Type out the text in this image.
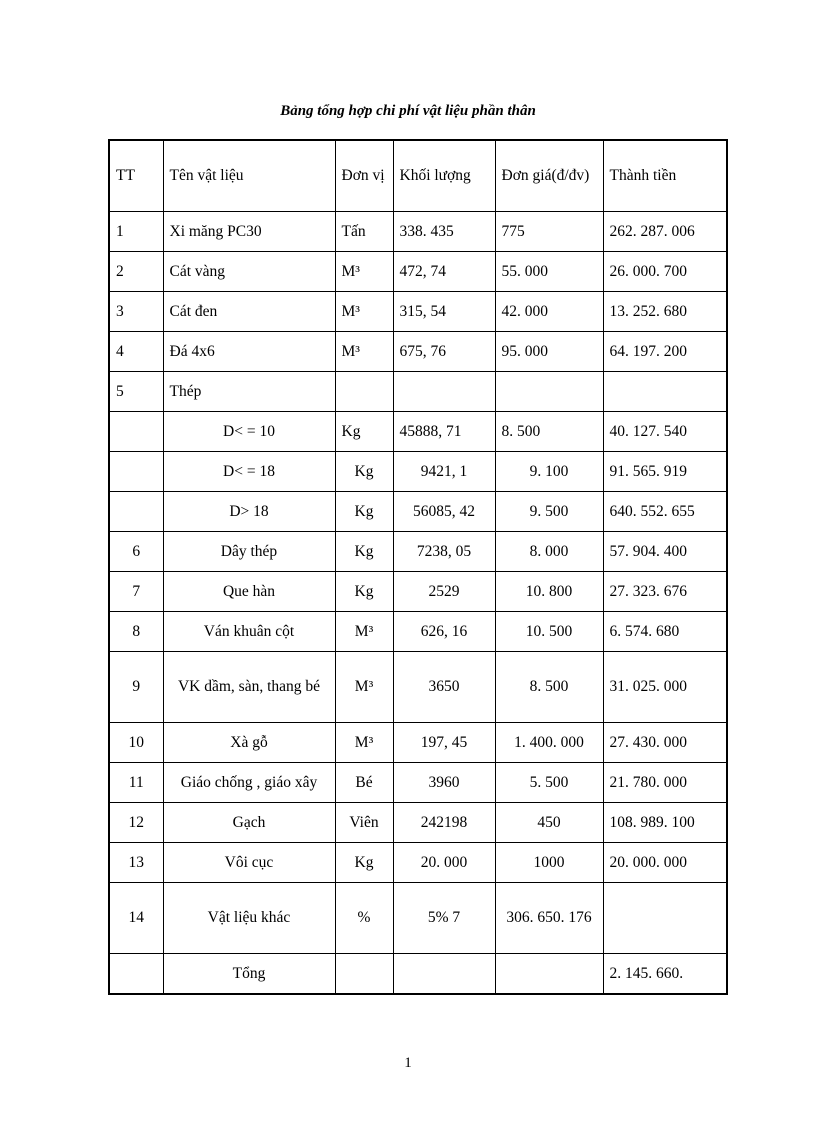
Bảng tổng hợp chi phí vật liệu phần thân
TT	Tên vật liệu	Đơn vị	Khối lượng	Đơn giá(đ/đv)	Thành tiền
1	Xi măng PC30	Tấn	338. 435	775	262. 287. 006
2	Cát vàng	M³	472, 74	55. 000	26. 000. 700
3	Cát đen	M³	315, 54	42. 000	13. 252. 680
4	Đá 4x6	M³	675, 76	95. 000	64. 197. 200
5	Thép				
	D< = 10	Kg	45888, 71	8. 500	40. 127. 540
	D< = 18	Kg	9421, 1	9. 100	91. 565. 919
	D> 18	Kg	56085, 42	9. 500	640. 552. 655
6	Dây thép	Kg	7238, 05	8. 000	57. 904. 400
7	Que hàn	Kg	2529	10. 800	27. 323. 676
8	Ván khuân cột	M³	626, 16	10. 500	6. 574. 680
9	VK dầm, sàn, thang bé	M³	3650	8. 500	31. 025. 000
10	Xà gỗ	M³	197, 45	1. 400. 000	27. 430. 000
11	Giáo chống , giáo xây	Bé	3960	5. 500	21. 780. 000
12	Gạch	Viên	242198	450	108. 989. 100
13	Vôi cục	Kg	20. 000	1000	20. 000. 000
14	Vật liệu khác	%	5% 7	306. 650. 176	
	Tổng				2. 145. 660.
1
